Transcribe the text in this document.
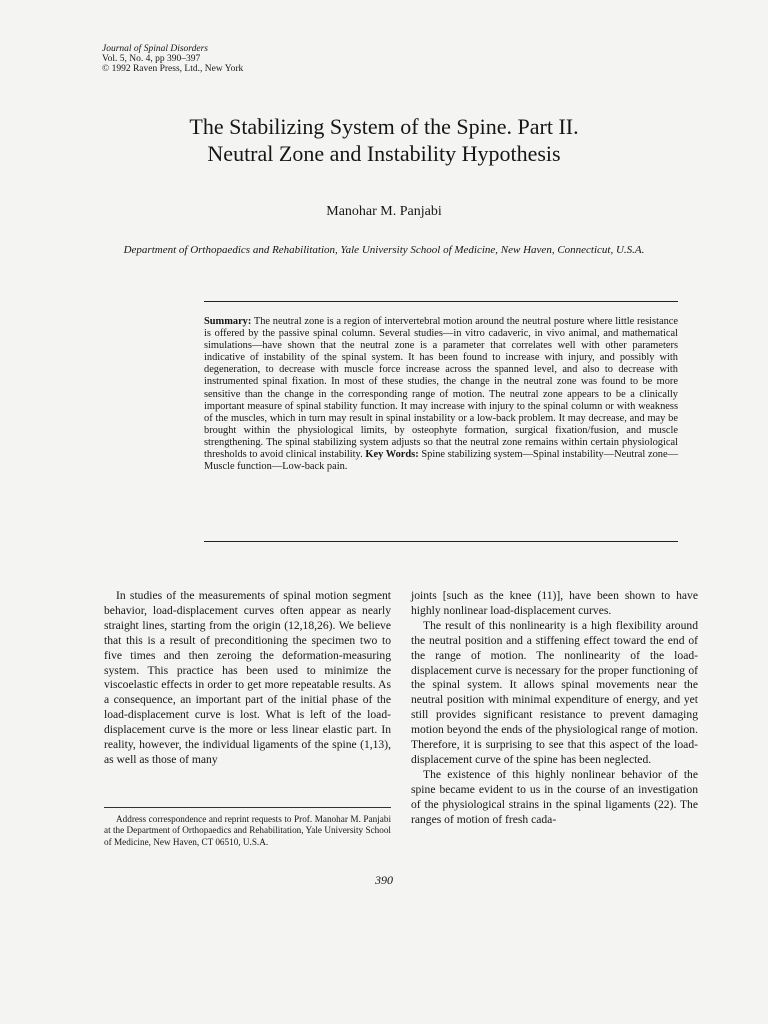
Journal of Spinal Disorders
Vol. 5, No. 4, pp 390–397
© 1992 Raven Press, Ltd., New York
The Stabilizing System of the Spine. Part II.
Neutral Zone and Instability Hypothesis
Manohar M. Panjabi
Department of Orthopaedics and Rehabilitation, Yale University School of Medicine, New Haven, Connecticut, U.S.A.
Summary: The neutral zone is a region of intervertebral motion around the neutral posture where little resistance is offered by the passive spinal column. Several studies—in vitro cadaveric, in vivo animal, and mathematical simulations—have shown that the neutral zone is a parameter that correlates well with other parameters indicative of instability of the spinal system. It has been found to increase with injury, and possibly with degeneration, to decrease with muscle force increase across the spanned level, and also to decrease with instrumented spinal fixation. In most of these studies, the change in the neutral zone was found to be more sensitive than the change in the corresponding range of motion. The neutral zone appears to be a clinically important measure of spinal stability function. It may increase with injury to the spinal column or with weakness of the muscles, which in turn may result in spinal instability or a low-back problem. It may decrease, and may be brought within the physiological limits, by osteophyte formation, surgical fixation/fusion, and muscle strengthening. The spinal stabilizing system adjusts so that the neutral zone remains within certain physiological thresholds to avoid clinical instability. Key Words: Spine stabilizing system—Spinal instability—Neutral zone—Muscle function—Low-back pain.

In studies of the measurements of spinal motion segment behavior, load-displacement curves often appear as nearly straight lines, starting from the origin (12,18,26). We believe that this is a result of preconditioning the specimen two to five times and then zeroing the deformation-measuring system. This practice has been used to minimize the viscoelastic effects in order to get more repeatable results. As a consequence, an important part of the initial phase of the load-displacement curve is lost. What is left of the load-displacement curve is the more or less linear elastic part. In reality, however, the individual ligaments of the spine (1,13), as well as those of many

joints [such as the knee (11)], have been shown to have highly nonlinear load-displacement curves.

The result of this nonlinearity is a high flexibility around the neutral position and a stiffening effect toward the end of the range of motion. The nonlinearity of the load-displacement curve is necessary for the proper functioning of the spinal system. It allows spinal movements near the neutral position with minimal expenditure of energy, and yet still provides significant resistance to prevent damaging motion beyond the ends of the physiological range of motion. Therefore, it is surprising to see that this aspect of the load-displacement curve of the spine has been neglected.

The existence of this highly nonlinear behavior of the spine became evident to us in the course of an investigation of the physiological strains in the spinal ligaments (22). The ranges of motion of fresh cada-

Address correspondence and reprint requests to Prof. Manohar M. Panjabi at the Department of Orthopaedics and Rehabilitation, Yale University School of Medicine, New Haven, CT 06510, U.S.A.

390
